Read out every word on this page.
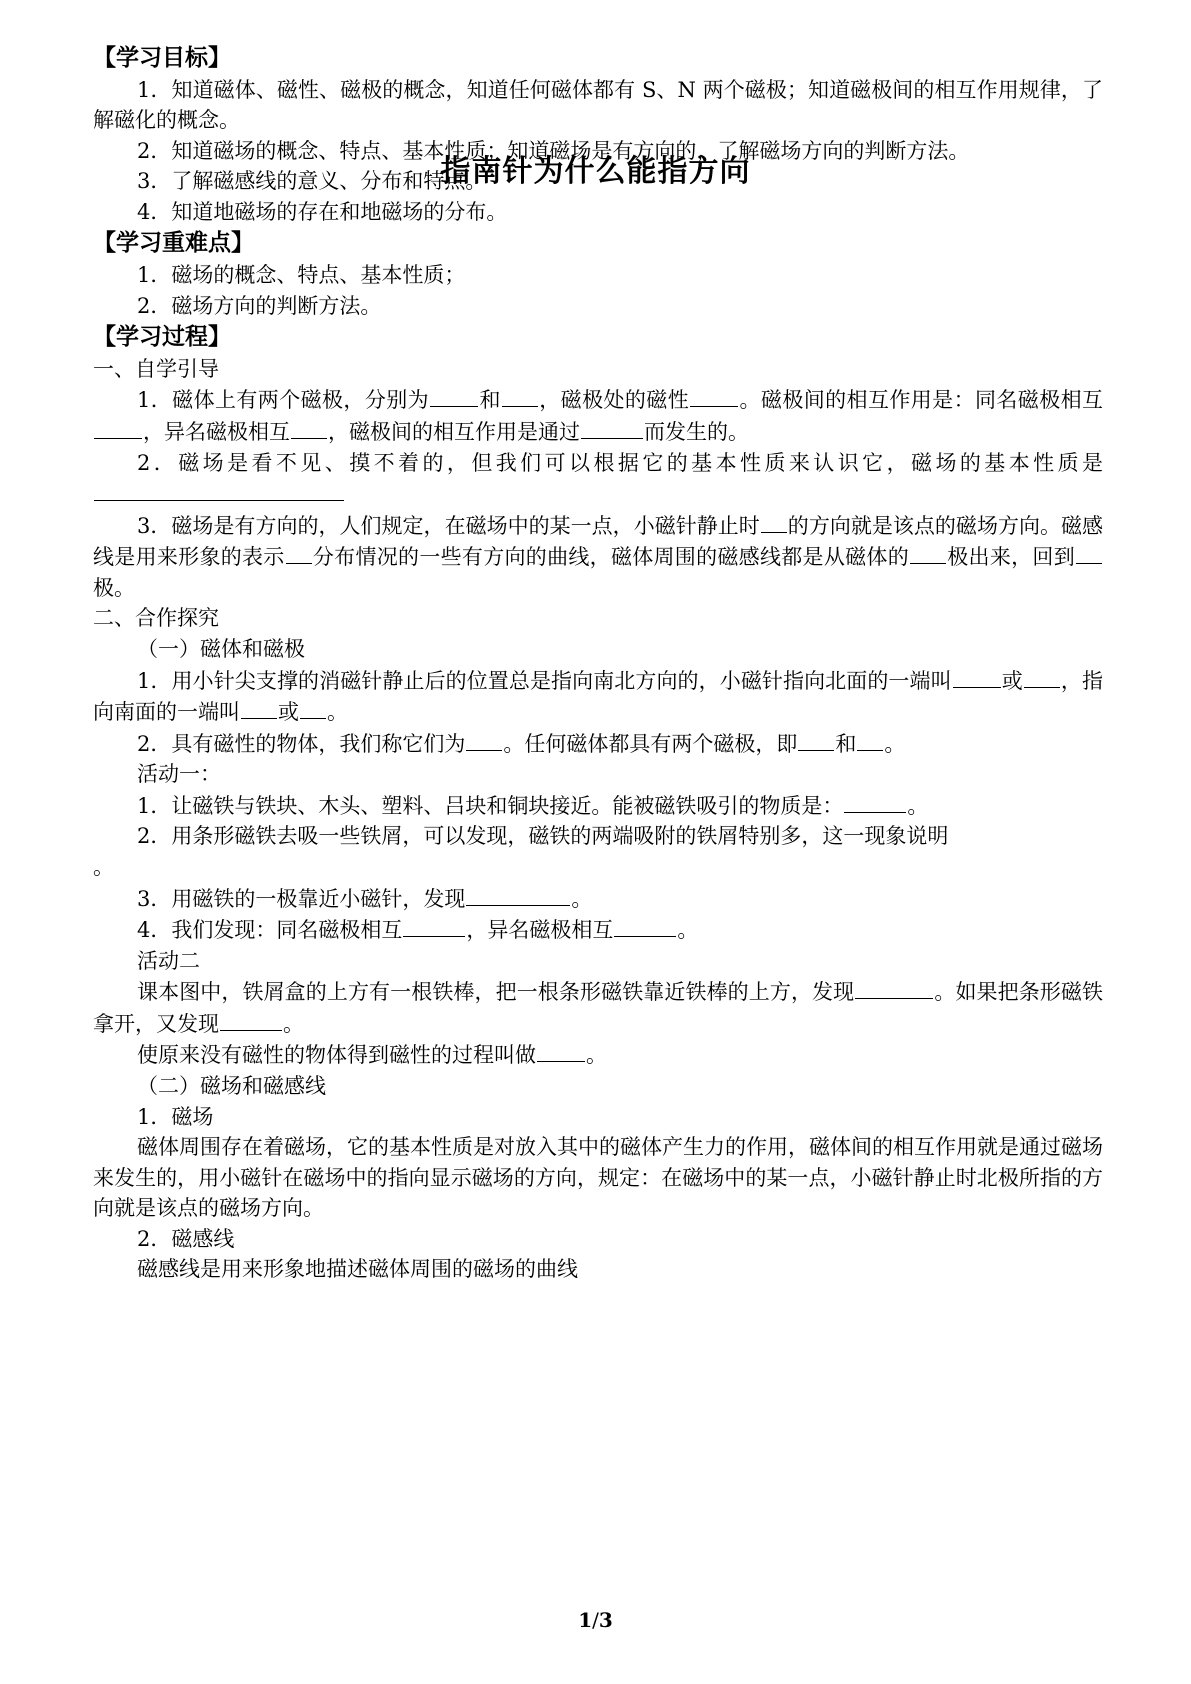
指南针为什么能指方向

【学习目标】

1．知道磁体、磁性、磁极的概念，知道任何磁体都有 S、N 两个磁极；知道磁极间的相互作用规律，了解磁化的概念。

2．知道磁场的概念、特点、基本性质；知道磁场是有方向的，了解磁场方向的判断方法。

3．了解磁感线的意义、分布和特点。

4．知道地磁场的存在和地磁场的分布。

【学习重难点】

1．磁场的概念、特点、基本性质；

2．磁场方向的判断方法。

【学习过程】

一、自学引导

1．磁体上有两个磁极，分别为 和 ，磁极处的磁性 。磁极间的相互作用是：同名磁极相互，异名磁极相互 ，磁极间的相互作用是通过	而发生的。

2．磁场是看不见、摸不着的，但我们可以根据它的基本性质来认识它，磁场的基本性质是

3．磁场是有方向的，人们规定，在磁场中的某一点，小磁针静止时 的方向就是该点的磁场方向。磁感线是用来形象的表示 分布情况的一些有方向的曲线，磁体周围的磁感线都是从磁体的 极出来，回到极。

二、合作探究

（一）磁体和磁极

1．用小针尖支撑的消磁针静止后的位置总是指向南北方向的，小磁针指向北面的一端叫 或 ，指向南面的一端叫 或 。

2．具有磁性的物体，我们称它们为 。任何磁体都具有两个磁极，即 和 。

活动一：

1．让磁铁与铁块、木头、塑料、吕块和铜块接近。能被磁铁吸引的物质是：	。

2．用条形磁铁去吸一些铁屑，可以发现，磁铁的两端吸附的铁屑特别多，这一现象说明

。

3．用磁铁的一极靠近小磁针，发现	。

4．我们发现：同名磁极相互	，异名磁极相互	。

活动二

课本图中，铁屑盒的上方有一根铁棒，把一根条形磁铁靠近铁棒的上方，发现	。如果把条形磁铁拿开，又发现	。

使原来没有磁性的物体得到磁性的过程叫做 。

（二）磁场和磁感线

1．磁场

磁体周围存在着磁场，它的基本性质是对放入其中的磁体产生力的作用，磁体间的相互作用就是通过磁场来发生的，用小磁针在磁场中的指向显示磁场的方向，规定：在磁场中的某一点，小磁针静止时北极所指的方向就是该点的磁场方向。

2．磁感线

磁感线是用来形象地描述磁体周围的磁场的曲线

1/3
